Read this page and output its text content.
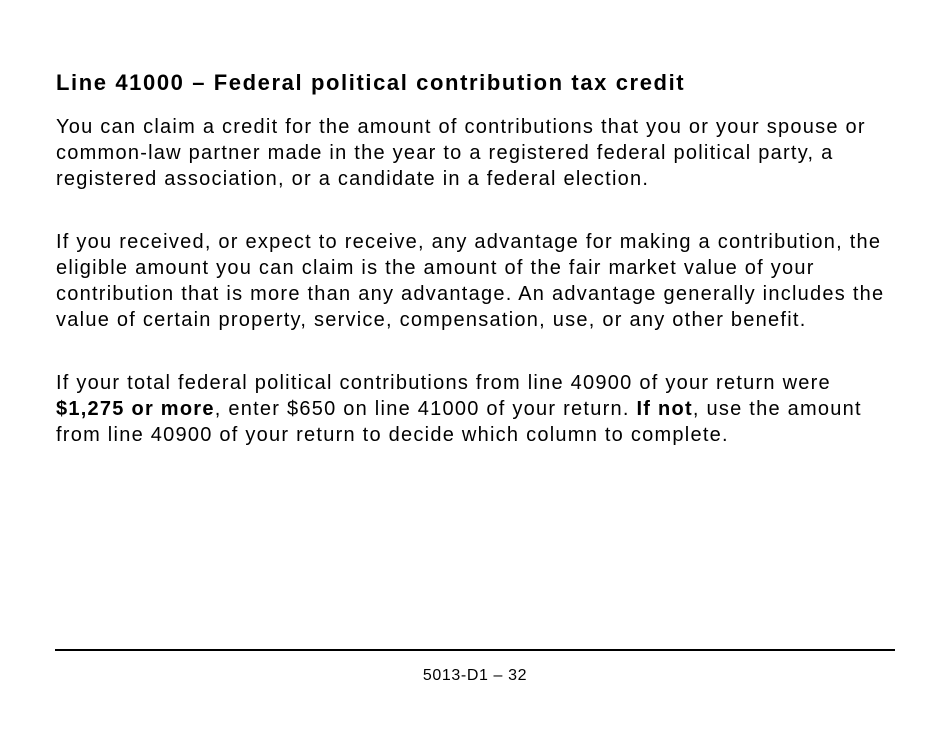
Line 41000 – Federal political contribution tax credit

You can claim a credit for the amount of contributions that you or your spouse or common-law partner made in the year to a registered federal political party, a registered association, or a candidate in a federal election.

If you received, or expect to receive, any advantage for making a contribution, the eligible amount you can claim is the amount of the fair market value of your contribution that is more than any advantage. An advantage generally includes the value of certain property, service, compensation, use, or any other benefit.

If your total federal political contributions from line 40900 of your return were $1,275 or more, enter $650 on line 41000 of your return. If not, use the amount from line 40900 of your return to decide which column to complete.

5013-D1 – 32
